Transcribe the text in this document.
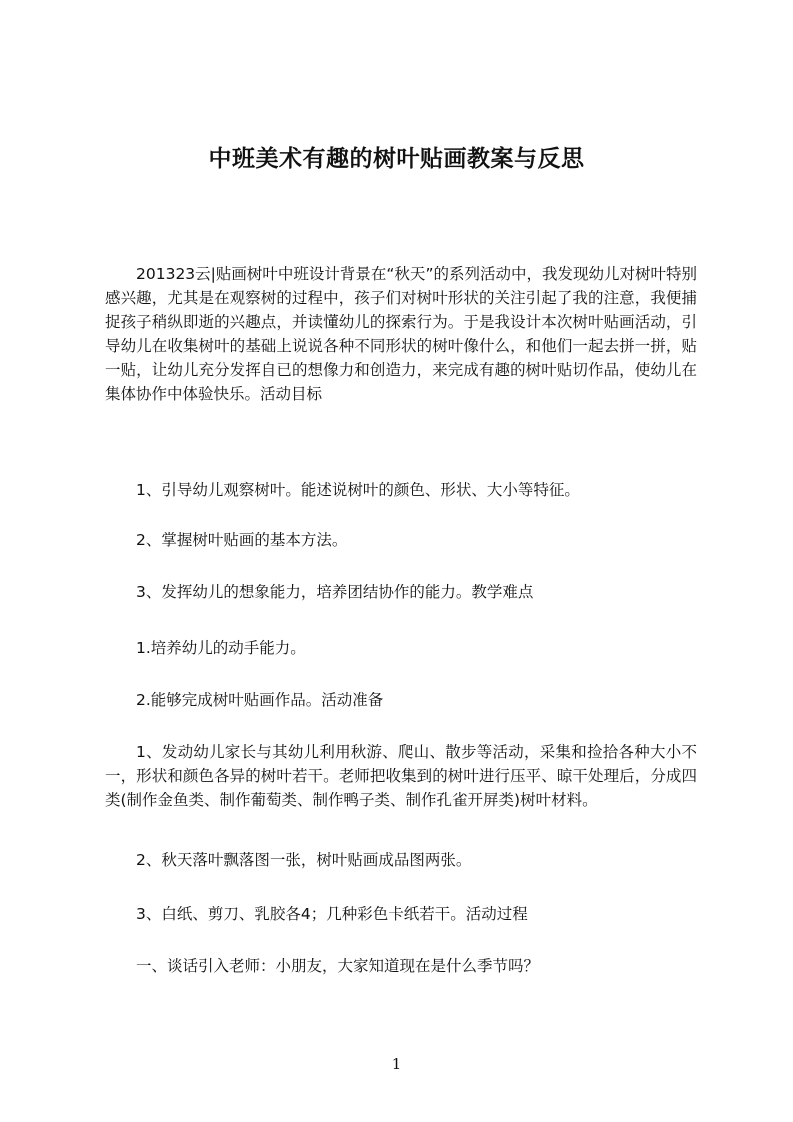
中班美术有趣的树叶贴画教案与反思

201323云|贴画树叶中班设计背景在“秋天”的系列活动中，我发现幼儿对树叶特别感兴趣，尤其是在观察树的过程中，孩子们对树叶形状的关注引起了我的注意，我便捕捉孩子稍纵即逝的兴趣点，并读懂幼儿的探索行为。于是我设计本次树叶贴画活动，引导幼儿在收集树叶的基础上说说各种不同形状的树叶像什么，和他们一起去拼一拼，贴一贴，让幼儿充分发挥自已的想像力和创造力，来完成有趣的树叶贴切作品，使幼儿在集体协作中体验快乐。活动目标

1、引导幼儿观察树叶。能述说树叶的颜色、形状、大小等特征。

2、掌握树叶贴画的基本方法。

3、发挥幼儿的想象能力，培养团结协作的能力。教学难点

1.培养幼儿的动手能力。

2.能够完成树叶贴画作品。活动准备

1、发动幼儿家长与其幼儿利用秋游、爬山、散步等活动，采集和捡拾各种大小不一，形状和颜色各异的树叶若干。老师把收集到的树叶进行压平、晾干处理后，分成四类(制作金鱼类、制作葡萄类、制作鸭子类、制作孔雀开屏类)树叶材料。

2、秋天落叶飘落图一张，树叶贴画成品图两张。

3、白纸、剪刀、乳胶各4；几种彩色卡纸若干。活动过程

一、谈话引入老师：小朋友，大家知道现在是什么季节吗？

1
